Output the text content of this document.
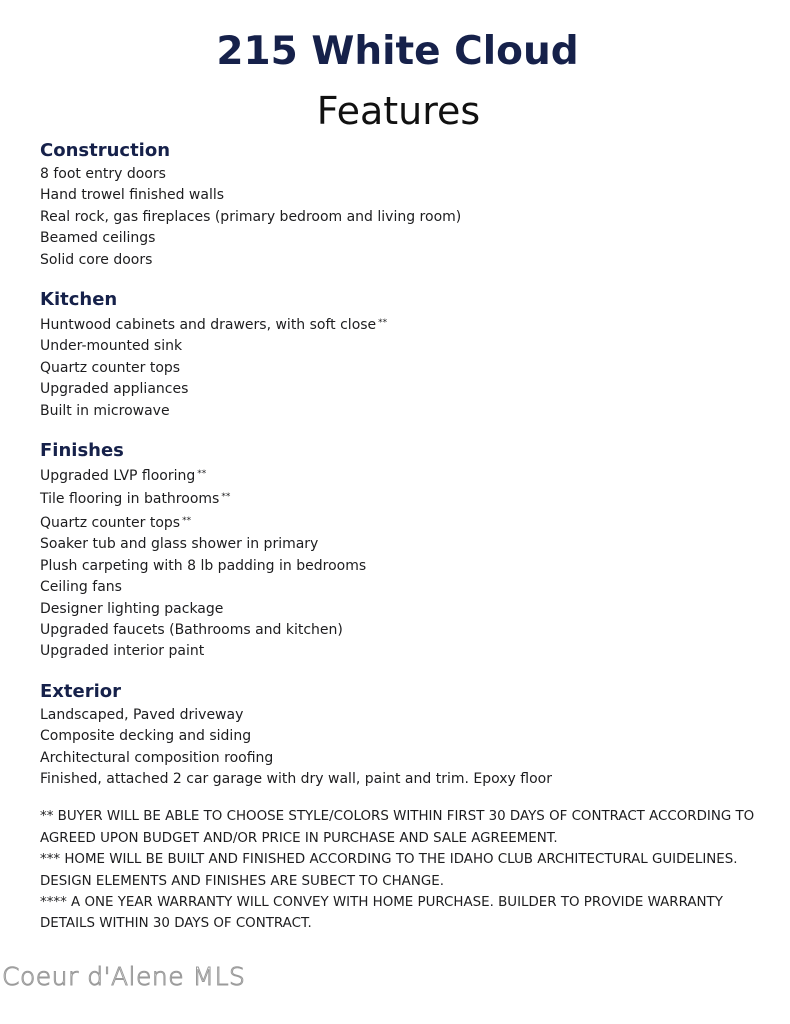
215 White Cloud
Features
Construction
8 foot entry doors
Hand trowel finished walls
Real rock, gas fireplaces (primary bedroom and living room)
Beamed ceilings
Solid core doors
Kitchen
Huntwood cabinets and drawers, with soft close **
Under-mounted sink
Quartz counter tops
Upgraded appliances
Built in microwave
Finishes
Upgraded LVP flooring **
Tile flooring in bathrooms **
Quartz counter tops **
Soaker tub and glass shower in primary
Plush carpeting with 8 lb padding in bedrooms
Ceiling fans
Designer lighting package
Upgraded faucets (Bathrooms and kitchen)
Upgraded interior paint
Exterior
Landscaped, Paved driveway
Composite decking and siding
Architectural composition roofing
Finished, attached 2 car garage with dry wall, paint and trim. Epoxy floor

** BUYER WILL BE ABLE TO CHOOSE STYLE/COLORS WITHIN FIRST 30 DAYS OF CONTRACT ACCORDING TO AGREED UPON BUDGET AND/OR PRICE IN PURCHASE AND SALE AGREEMENT.

*** HOME WILL BE BUILT AND FINISHED ACCORDING TO THE IDAHO CLUB ARCHITECTURAL GUIDELINES. DESIGN ELEMENTS AND FINISHES ARE SUBECT TO CHANGE.

**** A ONE YEAR WARRANTY WILL CONVEY WITH HOME PURCHASE. BUILDER TO PROVIDE WARRANTY DETAILS WITHIN 30 DAYS OF CONTRACT.

Coeur d'Alene MLS
